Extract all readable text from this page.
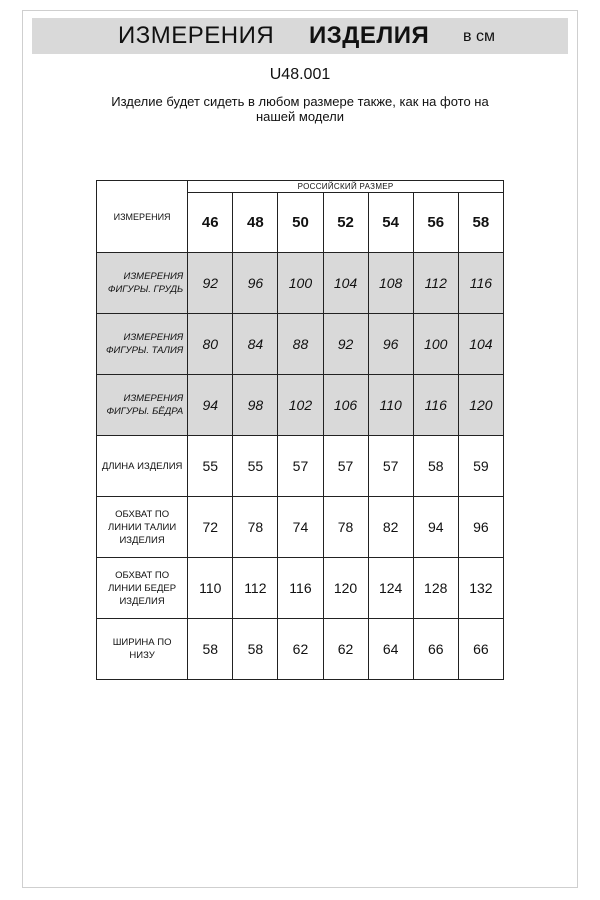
ИЗМЕРЕНИЯ ИЗДЕЛИЯ в см
U48.001
Изделие будет сидеть в любом размере также, как на фото на нашей модели
ИЗМЕРЕНИЯ	РОССИЙСКИЙ РАЗМЕР						
	46	48	50	52	54	56	58
ИЗМЕРЕНИЯ ФИГУРЫ. ГРУДЬ	92	96	100	104	108	112	116
ИЗМЕРЕНИЯ ФИГУРЫ. ТАЛИЯ	80	84	88	92	96	100	104
ИЗМЕРЕНИЯ ФИГУРЫ. БЁДРА	94	98	102	106	110	116	120
ДЛИНА ИЗДЕЛИЯ	55	55	57	57	57	58	59
ОБХВАТ ПО ЛИНИИ ТАЛИИ ИЗДЕЛИЯ	72	78	74	78	82	94	96
ОБХВАТ ПО ЛИНИИ БЕДЕР ИЗДЕЛИЯ	110	112	116	120	124	128	132
ШИРИНА ПО НИЗУ	58	58	62	62	64	66	66
